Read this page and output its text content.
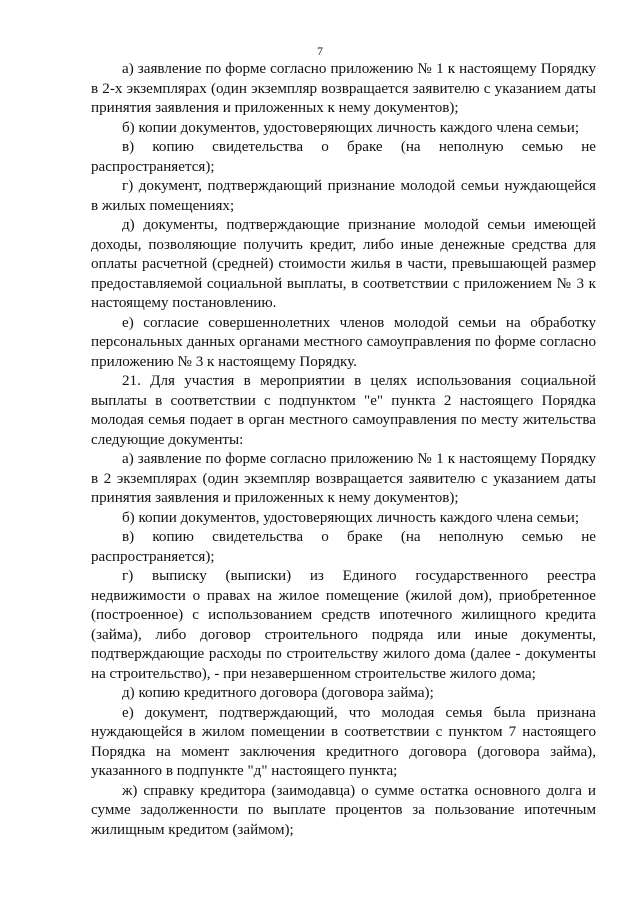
7

а) заявление по форме согласно приложению № 1 к настоящему Порядку в 2-х экземплярах (один экземпляр возвращается заявителю с указанием даты принятия заявления и приложенных к нему документов);

б) копии документов, удостоверяющих личность каждого члена семьи;

в) копию свидетельства о браке (на неполную семью не распространяется);

г) документ, подтверждающий признание молодой семьи нуждающейся в жилых помещениях;

д) документы, подтверждающие признание молодой семьи имеющей доходы, позволяющие получить кредит, либо иные денежные средства для оплаты расчетной (средней) стоимости жилья в части, превышающей размер предоставляемой социальной выплаты, в соответствии с приложением № 3 к настоящему постановлению.

е) согласие совершеннолетних членов молодой семьи на обработку персональных данных органами местного самоуправления по форме согласно приложению № 3 к настоящему Порядку.

21. Для участия в мероприятии в целях использования социальной выплаты в соответствии с подпунктом "е" пункта 2 настоящего Порядка молодая семья подает в орган местного самоуправления по месту жительства следующие документы:

а) заявление по форме согласно приложению № 1 к настоящему Порядку в 2 экземплярах (один экземпляр возвращается заявителю с указанием даты принятия заявления и приложенных к нему документов);

б) копии документов, удостоверяющих личность каждого члена семьи;

в) копию свидетельства о браке (на неполную семью не распространяется);

г) выписку (выписки) из Единого государственного реестра недвижимости о правах на жилое помещение (жилой дом), приобретенное (построенное) с использованием средств ипотечного жилищного кредита (займа), либо договор строительного подряда или иные документы, подтверждающие расходы по строительству жилого дома (далее - документы на строительство), - при незавершенном строительстве жилого дома;

д) копию кредитного договора (договора займа);

е) документ, подтверждающий, что молодая семья была признана нуждающейся в жилом помещении в соответствии с пунктом 7 настоящего Порядка на момент заключения кредитного договора (договора займа), указанного в подпункте "д" настоящего пункта;

ж) справку кредитора (заимодавца) о сумме остатка основного долга и сумме задолженности по выплате процентов за пользование ипотечным жилищным кредитом (займом);
